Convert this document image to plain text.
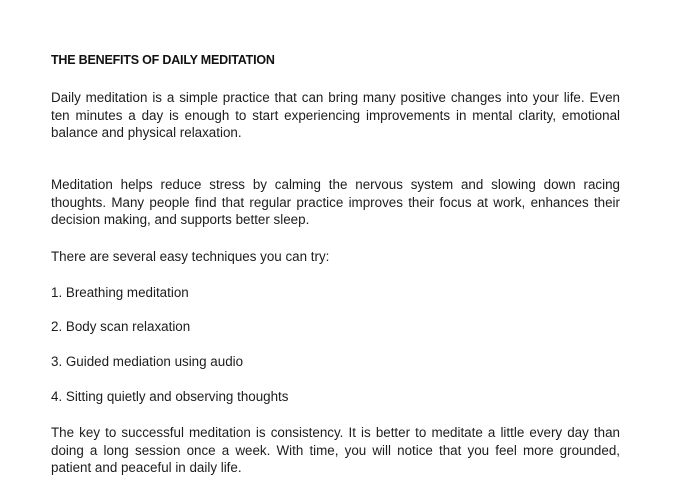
THE BENEFITS OF DAILY MEDITATION

Daily meditation is a simple practice that can bring many positive changes into your life. Even ten minutes a day is enough to start experiencing improvements in mental clarity, emotional balance and physical relaxation.

Meditation helps reduce stress by calming the nervous system and slowing down racing thoughts. Many people find that regular practice improves their focus at work, enhances their decision making, and supports better sleep.

There are several easy techniques you can try:

1. Breathing meditation

2. Body scan relaxation

3. Guided mediation using audio

4. Sitting quietly and observing thoughts

The key to successful meditation is consistency. It is better to meditate a little every day than doing a long session once a week. With time, you will notice that you feel more grounded, patient and peaceful in daily life.
